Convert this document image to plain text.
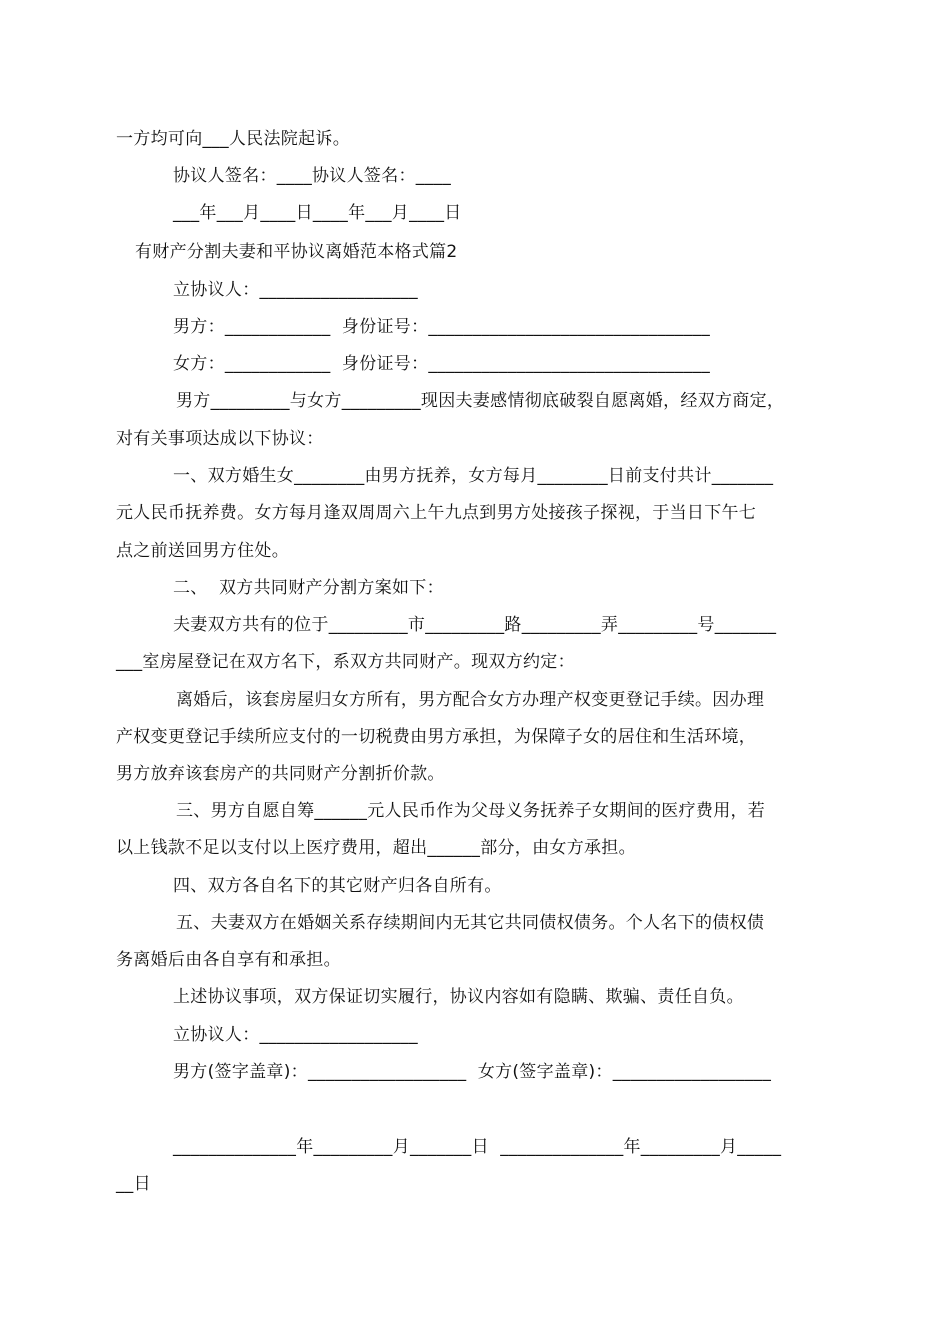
一方均可向___人民法院起诉。
协议人签名：____协议人签名：____
___年___月____日____年___月____日
有财产分割夫妻和平协议离婚范本格式篇2
立协议人：__________________
男方：____________  身份证号：________________________________
女方：____________  身份证号：________________________________
男方_________与女方_________现因夫妻感情彻底破裂自愿离婚，经双方商定，
对有关事项达成以下协议：
一、双方婚生女________由男方抚养，女方每月________日前支付共计_______
元人民币抚养费。女方每月逢双周周六上午九点到男方处接孩子探视，于当日下午七
点之前送回男方住处。
二、  双方共同财产分割方案如下：
夫妻双方共有的位于_________市_________路_________弄_________号_______
___室房屋登记在双方名下，系双方共同财产。现双方约定：
离婚后，该套房屋归女方所有，男方配合女方办理产权变更登记手续。因办理
产权变更登记手续所应支付的一切税费由男方承担，为保障子女的居住和生活环境，
男方放弃该套房产的共同财产分割折价款。
三、男方自愿自筹______元人民币作为父母义务抚养子女期间的医疗费用，若
以上钱款不足以支付以上医疗费用，超出______部分，由女方承担。
四、双方各自名下的其它财产归各自所有。
五、夫妻双方在婚姻关系存续期间内无其它共同债权债务。个人名下的债权债
务离婚后由各自享有和承担。
上述协议事项，双方保证切实履行，协议内容如有隐瞒、欺骗、责任自负。
立协议人：__________________
男方(签字盖章)：__________________  女方(签字盖章)：__________________
______________年_________月_______日  ______________年_________月_____
__日
